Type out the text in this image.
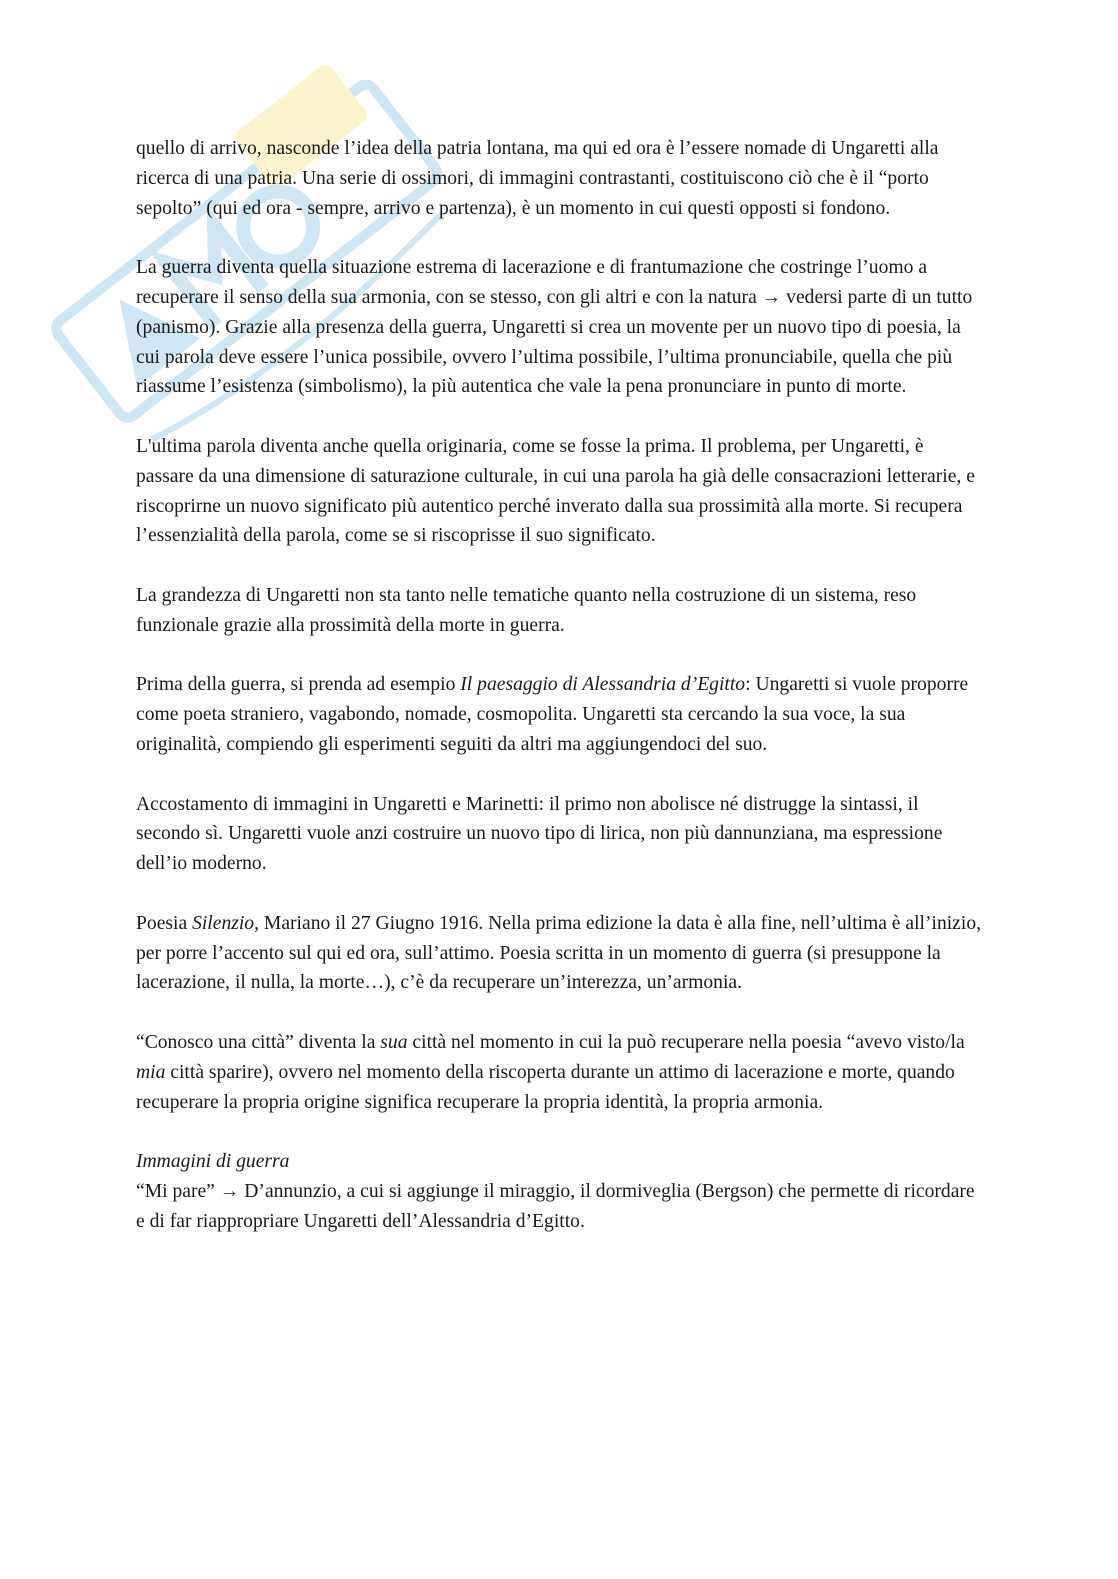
quello di arrivo, nasconde l’idea della patria lontana, ma qui ed ora è l’essere nomade di Ungaretti alla ricerca di una patria. Una serie di ossimori, di immagini contrastanti, costituiscono ciò che è il “porto sepolto” (qui ed ora - sempre, arrivo e partenza), è un momento in cui questi opposti si fondono.

La guerra diventa quella situazione estrema di lacerazione e di frantumazione che costringe l’uomo a recuperare il senso della sua armonia, con se stesso, con gli altri e con la natura → vedersi parte di un tutto (panismo). Grazie alla presenza della guerra, Ungaretti si crea un movente per un nuovo tipo di poesia, la cui parola deve essere l’unica possibile, ovvero l’ultima possibile, l’ultima pronunciabile, quella che più riassume l’esistenza (simbolismo), la più autentica che vale la pena pronunciare in punto di morte.

L'ultima parola diventa anche quella originaria, come se fosse la prima. Il problema, per Ungaretti, è passare da una dimensione di saturazione culturale, in cui una parola ha già delle consacrazioni letterarie, e riscoprirne un nuovo significato più autentico perché inverato dalla sua prossimità alla morte. Si recupera l’essenzialità della parola, come se si riscoprisse il suo significato.

La grandezza di Ungaretti non sta tanto nelle tematiche quanto nella costruzione di un sistema, reso funzionale grazie alla prossimità della morte in guerra.

Prima della guerra, si prenda ad esempio Il paesaggio di Alessandria d’Egitto: Ungaretti si vuole proporre come poeta straniero, vagabondo, nomade, cosmopolita. Ungaretti sta cercando la sua voce, la sua originalità, compiendo gli esperimenti seguiti da altri ma aggiungendoci del suo.

Accostamento di immagini in Ungaretti e Marinetti: il primo non abolisce né distrugge la sintassi, il secondo sì. Ungaretti vuole anzi costruire un nuovo tipo di lirica, non più dannunziana, ma espressione dell’io moderno.

Poesia Silenzio, Mariano il 27 Giugno 1916. Nella prima edizione la data è alla fine, nell’ultima è all’inizio, per porre l’accento sul qui ed ora, sull’attimo. Poesia scritta in un momento di guerra (si presuppone la lacerazione, il nulla, la morte…), c’è da recuperare un’interezza, un’armonia.

“Conosco una città” diventa la sua città nel momento in cui la può recuperare nella poesia “avevo visto/la mia città sparire), ovvero nel momento della riscoperta durante un attimo di lacerazione e morte, quando recuperare la propria origine significa recuperare la propria identità, la propria armonia.

Immagini di guerra

“Mi pare” → D’annunzio, a cui si aggiunge il miraggio, il dormiveglia (Bergson) che permette di ricordare e di far riappropriare Ungaretti dell’Alessandria d’Egitto.
